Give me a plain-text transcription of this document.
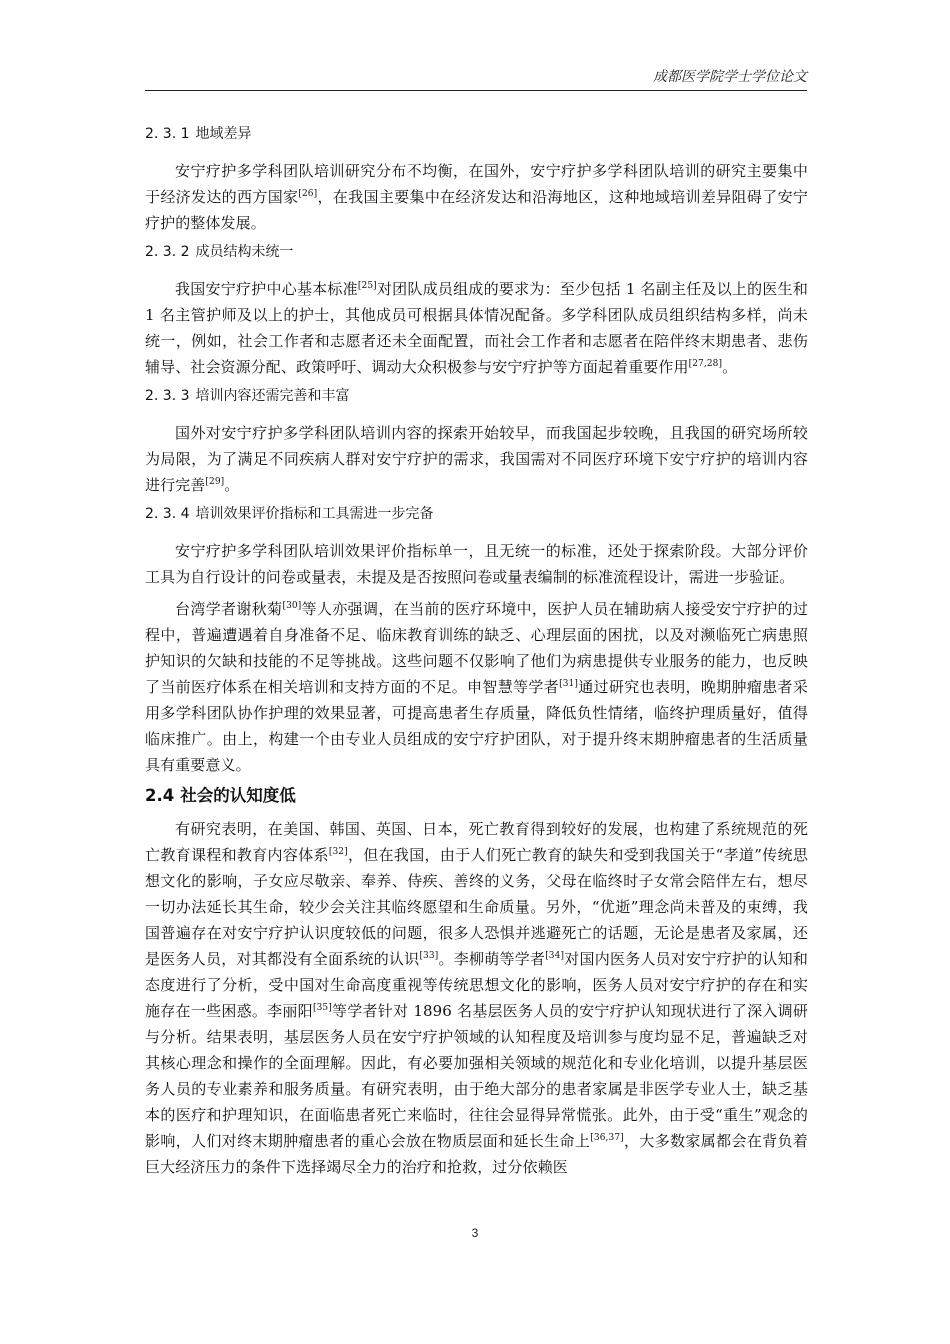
成都医学院学士学位论文
2. 3. 1 地域差异
安宁疗护多学科团队培训研究分布不均衡，在国外，安宁疗护多学科团队培训的研究主要集中于经济发达的西方国家[26]，在我国主要集中在经济发达和沿海地区，这种地域培训差异阻碍了安宁疗护的整体发展。
2. 3. 2 成员结构未统一
我国安宁疗护中心基本标准[25]对团队成员组成的要求为：至少包括 1 名副主任及以上的医生和 1 名主管护师及以上的护士，其他成员可根据具体情况配备。多学科团队成员组织结构多样，尚未统一，例如，社会工作者和志愿者还未全面配置，而社会工作者和志愿者在陪伴终末期患者、悲伤辅导、社会资源分配、政策呼吁、调动大众积极参与安宁疗护等方面起着重要作用[27,28]。
2. 3. 3 培训内容还需完善和丰富
国外对安宁疗护多学科团队培训内容的探索开始较早，而我国起步较晚，且我国的研究场所较为局限，为了满足不同疾病人群对安宁疗护的需求，我国需对不同医疗环境下安宁疗护的培训内容进行完善[29]。
2. 3. 4 培训效果评价指标和工具需进一步完备
安宁疗护多学科团队培训效果评价指标单一，且无统一的标准，还处于探索阶段。大部分评价工具为自行设计的问卷或量表，未提及是否按照问卷或量表编制的标准流程设计，需进一步验证。
台湾学者谢秋菊[30]等人亦强调，在当前的医疗环境中，医护人员在辅助病人接受安宁疗护的过程中，普遍遭遇着自身准备不足、临床教育训练的缺乏、心理层面的困扰，以及对濒临死亡病患照护知识的欠缺和技能的不足等挑战。这些问题不仅影响了他们为病患提供专业服务的能力，也反映了当前医疗体系在相关培训和支持方面的不足。申智慧等学者[31]通过研究也表明，晚期肿瘤患者采用多学科团队协作护理的效果显著，可提高患者生存质量，降低负性情绪，临终护理质量好，值得临床推广。由上，构建一个由专业人员组成的安宁疗护团队，对于提升终末期肿瘤患者的生活质量具有重要意义。
2.4 社会的认知度低
有研究表明，在美国、韩国、英国、日本，死亡教育得到较好的发展，也构建了系统规范的死亡教育课程和教育内容体系[32]，但在我国，由于人们死亡教育的缺失和受到我国关于“孝道”传统思想文化的影响，子女应尽敬亲、奉养、侍疾、善终的义务，父母在临终时子女常会陪伴左右，想尽一切办法延长其生命，较少会关注其临终愿望和生命质量。另外，“优逝”理念尚未普及的束缚，我国普遍存在对安宁疗护认识度较低的问题，很多人恐惧并逃避死亡的话题，无论是患者及家属，还是医务人员，对其都没有全面系统的认识[33]。李柳萌等学者[34]对国内医务人员对安宁疗护的认知和态度进行了分析，受中国对生命高度重视等传统思想文化的影响，医务人员对安宁疗护的存在和实施存在一些困惑。李丽阳[35]等学者针对 1896 名基层医务人员的安宁疗护认知现状进行了深入调研与分析。结果表明，基层医务人员在安宁疗护领域的认知程度及培训参与度均显不足，普遍缺乏对其核心理念和操作的全面理解。因此，有必要加强相关领域的规范化和专业化培训，以提升基层医务人员的专业素养和服务质量。有研究表明，由于绝大部分的患者家属是非医学专业人士，缺乏基本的医疗和护理知识，在面临患者死亡来临时，往往会显得异常慌张。此外，由于受“重生”观念的影响，人们对终末期肿瘤患者的重心会放在物质层面和延长生命上[36,37]，大多数家属都会在背负着巨大经济压力的条件下选择竭尽全力的治疗和抢救，过分依赖医
3
